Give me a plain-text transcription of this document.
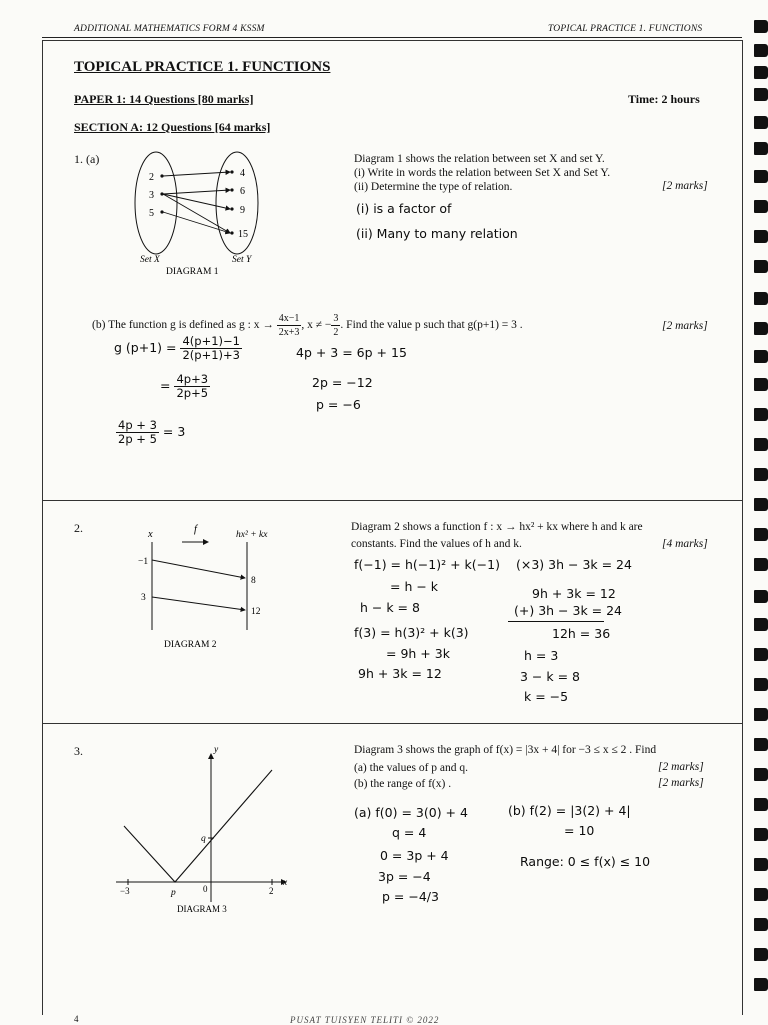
ADDITIONAL MATHEMATICS FORM 4 KSSM	TOPICAL PRACTICE 1. FUNCTIONS
TOPICAL PRACTICE 1. FUNCTIONS
PAPER 1: 14 Questions [80 marks]	Time: 2 hours
SECTION A: 12 Questions [64 marks]
1. (a)
2
3
5
4
6
9
15
Set X	Set Y
DIAGRAM 1
Diagram 1 shows the relation between set X and set Y.
(i) Write in words the relation between Set X and Set Y.
(ii) Determine the type of relation.	[2 marks]
(i) is a factor of
(ii) Many to many relation
(b) The function g is defined as g : $x \to \frac{4x-1}{2x+3}$ , x ≠ − $\frac{3}{2}$ . Find the value p such that g(p+1) = 3 .	[2 marks]
g $(p+1) = \frac{4(p+1)-1}{2(p+1)+3}$
= $\frac{4p+3}{2p+5}$
$\frac{4p + 3}{2p + 5} = 3$
4p + 3 = 6p + 15
2p = −12
p = −6
2.	x	f	hx² + kx
−1
3
8
12
DIAGRAM 2
Diagram 2 shows a function f : x → hx² + kx where h and k are
constants. Find the values of h and k.	[4 marks]
f(−1) = h(−1)² + k(−1)
= h − k
h − k = 8
f(3) = h(3)² + k(3)
= 9h + 3k
9h + 3k = 12
(×3) 3h − 3k = 24
9h + 3k = 12
(+) 3h − 3k = 24
12h = 36
h = 3
3 − k = 8
k = −5
3.	y
x
q
p	0
−3	2
DIAGRAM 3
Diagram 3 shows the graph of f(x) = |3x + 4| for −3 ≤ x ≤ 2 . Find
(a) the values of p and q.
(b) the range of f(x) .
[2 marks]
[2 marks]
(a) f(0) = 3(0) + 4
q = 4
0 = 3p + 4
3p = −4
p = −4/3
(b) f(2) = |3(2) + 4|
= 10
Range: 0 ≤ f(x) ≤ 10
4	PUSAT TUISYEN TELITI © 2022
